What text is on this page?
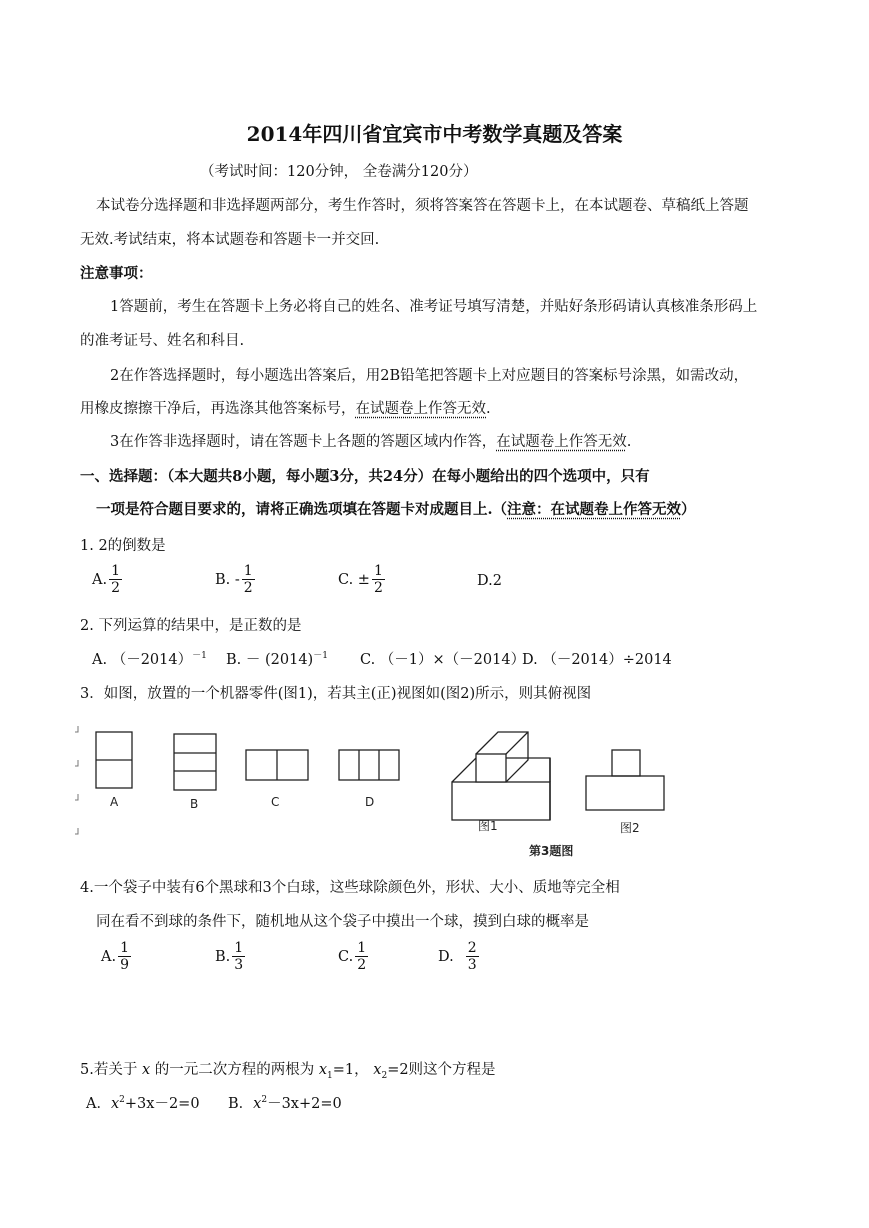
2014年四川省宜宾市中考数学真题及答案
（考试时间：120分钟， 全卷满分120分）
本试卷分选择题和非选择题两部分，考生作答时，须将答案答在答题卡上，在本试题卷、草稿纸上答题
无效.考试结束，将本试题卷和答题卡一并交回.
注意事项：
1答题前，考生在答题卡上务必将自己的姓名、准考证号填写清楚，并贴好条形码请认真核准条形码上
的准考证号、姓名和科目.
2在作答选择题时，每小题选出答案后，用2B铅笔把答题卡上对应题目的答案标号涂黑，如需改动，
用橡皮擦擦干净后，再选涤其他答案标号，在试题卷上作答无效.
3在作答非选择题时，请在答题卡上各题的答题区域内作答，在试题卷上作答无效.
一、选择题：（本大题共8小题，每小题3分，共24分）在每小题给出的四个选项中，只有
一项是符合题目要求的，请将正确选项填在答题卡对成题目上.（注意：在试题卷上作答无效）
1. 2的倒数是
A. $\frac{1}{2}$	B. - $\frac{1}{2}$	C. ± $\frac{1}{2}$	D.2
2. 下列运算的结果中，是正数的是
A. $(-2014)^{-1}$ B. － $(2014)^{-1}$ C. （－1）×（－2014）
D. （－2014）÷2014
3．如图，放置的一个机器零件(图1)，若其主(正)视图如(图2)所示，则其俯视图
A	B	C	D
图1	图2
第3题图
4.一个袋子中装有6个黑球和3个白球，这些球除颜色外，形状、大小、质地等完全相
同在看不到球的条件下，随机地从这个袋子中摸出一个球，摸到白球的概率是
A. $\frac{1}{9}$	B. $\frac{1}{3}$	C. $\frac{1}{2}$	D. $\frac{2}{3}$
5.若关于 x 的一元二次方程的两根为 $x_1=1$， $x_2=2$则这个方程是
A．$x^2+3x-2=0$ B．$x^2-3x+2=0$
